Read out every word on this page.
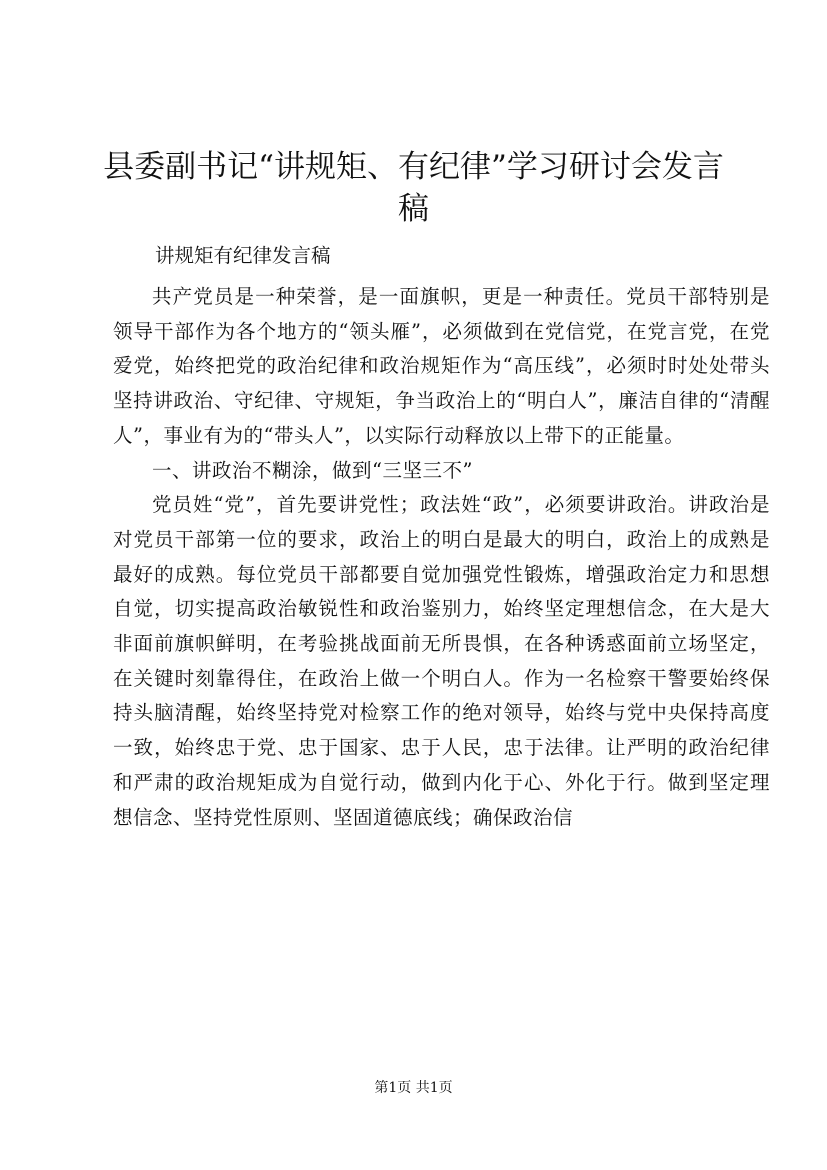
县委副书记“讲规矩、有纪律”学习研讨会发言稿
讲规矩有纪律发言稿

共产党员是一种荣誉，是一面旗帜，更是一种责任。党员干部特别是领导干部作为各个地方的“领头雁”，必须做到在党信党，在党言党，在党爱党，始终把党的政治纪律和政治规矩作为“高压线”，必须时时处处带头坚持讲政治、守纪律、守规矩，争当政治上的“明白人”，廉洁自律的“清醒人”，事业有为的“带头人”，以实际行动释放以上带下的正能量。

一、讲政治不糊涂，做到“三坚三不”

党员姓“党”，首先要讲党性；政法姓“政”，必须要讲政治。讲政治是对党员干部第一位的要求，政治上的明白是最大的明白，政治上的成熟是最好的成熟。每位党员干部都要自觉加强党性锻炼，增强政治定力和思想自觉，切实提高政治敏锐性和政治鉴别力，始终坚定理想信念，在大是大非面前旗帜鲜明，在考验挑战面前无所畏惧，在各种诱惑面前立场坚定，在关键时刻靠得住，在政治上做一个明白人。作为一名检察干警要始终保持头脑清醒，始终坚持党对检察工作的绝对领导，始终与党中央保持高度一致，始终忠于党、忠于国家、忠于人民，忠于法律。让严明的政治纪律和严肃的政治规矩成为自觉行动，做到内化于心、外化于行。做到坚定理想信念、坚持党性原则、坚固道德底线；确保政治信

第1页 共1页
